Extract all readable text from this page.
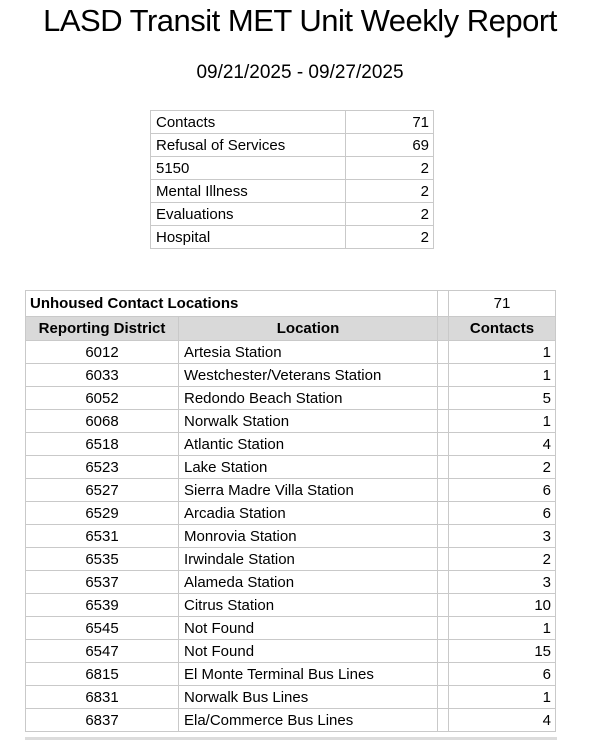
LASD Transit MET Unit Weekly Report
09/21/2025 - 09/27/2025
Contacts	71
Refusal of Services	69
5150	2
Mental Illness	2
Evaluations	2
Hospital	2
Unhoused Contact Locations			71
Reporting District	Location		Contacts
6012	Artesia Station		1
6033	Westchester/Veterans Station		1
6052	Redondo Beach Station		5
6068	Norwalk Station		1
6518	Atlantic Station		4
6523	Lake Station		2
6527	Sierra Madre Villa Station		6
6529	Arcadia Station		6
6531	Monrovia Station		3
6535	Irwindale Station		2
6537	Alameda Station		3
6539	Citrus Station		10
6545	Not Found		1
6547	Not Found		15
6815	El Monte Terminal Bus Lines		6
6831	Norwalk Bus Lines		1
6837	Ela/Commerce Bus Lines		4
